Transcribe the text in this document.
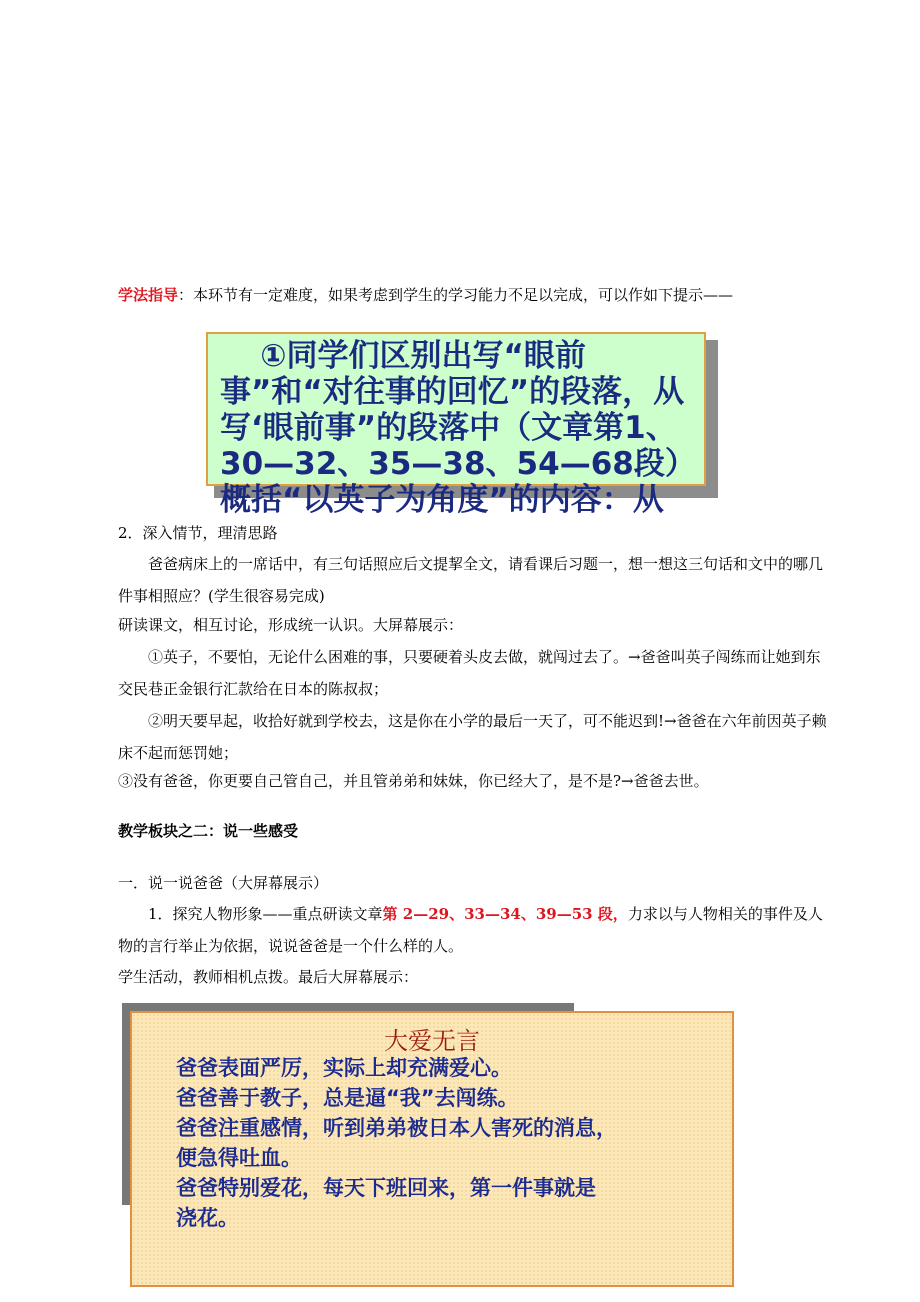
学法指导：本环节有一定难度，如果考虑到学生的学习能力不足以完成，可以作如下提示——
①同学们区别出写“眼前事”和“对往事的回忆”的段落，从写‘眼前事”的段落中（文章第1、30—32、35—38、54—68段）概括“以英子为角度”的内容：从
2．深入情节，理清思路
爸爸病床上的一席话中，有三句话照应后文提挈全文，请看课后习题一，想一想这三句话和文中的哪几件事相照应？(学生很容易完成)
研读课文，相互讨论，形成统一认识。大屏幕展示：
①英子，不要怕，无论什么困难的事，只要硬着头皮去做，就闯过去了。→爸爸叫英子闯练而让她到东交民巷正金银行汇款给在日本的陈叔叔；
②明天要早起，收拾好就到学校去，这是你在小学的最后一天了，可不能迟到!→爸爸在六年前因英子赖床不起而惩罚她；
③没有爸爸，你更要自己管自己，并且管弟弟和妹妹，你已经大了，是不是?→爸爸去世。
教学板块之二：说一些感受
一．说一说爸爸（大屏幕展示）
1．探究人物形象——重点研读文章第 2—29、33—34、39—53 段，力求以与人物相关的事件及人物的言行举止为依据，说说爸爸是一个什么样的人。
学生活动，教师相机点拨。最后大屏幕展示：
大爱无言
爸爸表面严厉，实际上却充满爱心。
爸爸善于教子，总是逼“我”去闯练。
爸爸注重感情，听到弟弟被日本人害死的消息，
便急得吐血。
爸爸特别爱花，每天下班回来，第一件事就是
浇花。
